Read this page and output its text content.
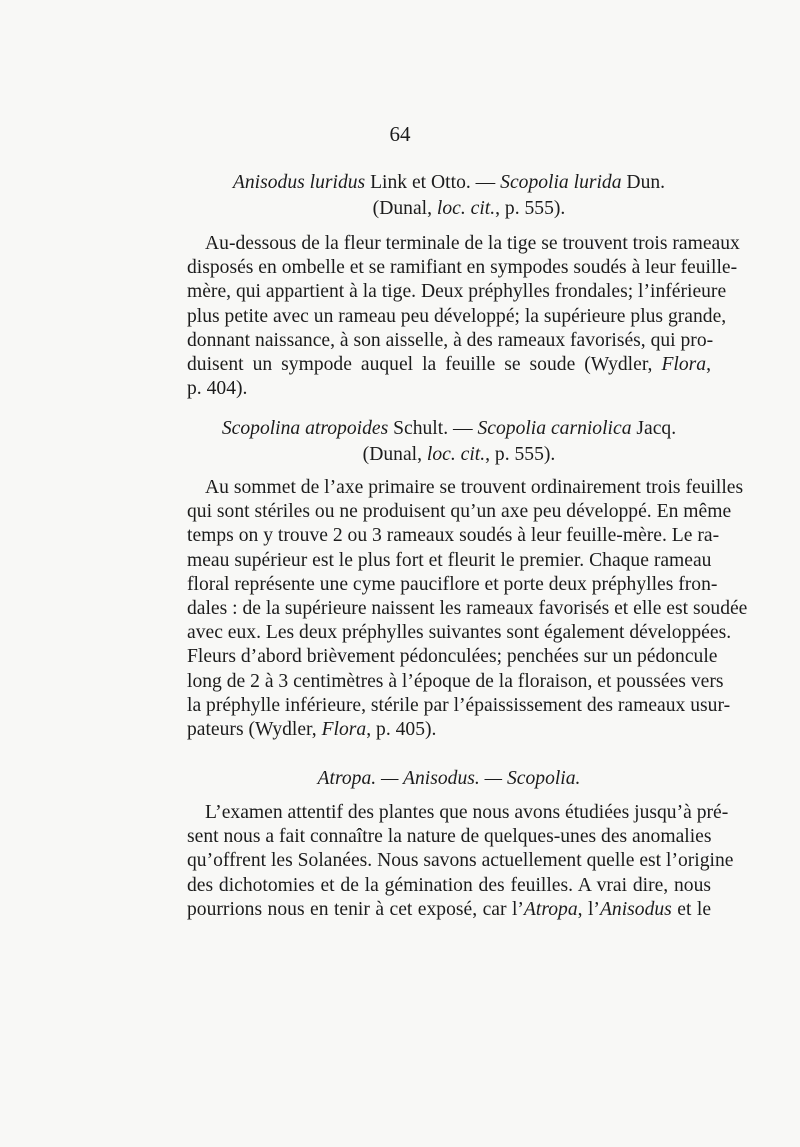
64
Anisodus luridus Link et Otto. — Scopolia lurida Dun.
(Dunal, loc. cit., p. 555).
Au-dessous de la fleur terminale de la tige se trouvent trois rameaux
disposés en ombelle et se ramifiant en sympodes soudés à leur feuille-
mère, qui appartient à la tige. Deux préphylles frondales; l’inférieure
plus petite avec un rameau peu développé; la supérieure plus grande,
donnant naissance, à son aisselle, à des rameaux favorisés, qui pro-
duisent un sympode auquel la feuille se soude (Wydler, Flora,
p. 404).
Scopolina atropoides Schult. — Scopolia carniolica Jacq.
(Dunal, loc. cit., p. 555).
Au sommet de l’axe primaire se trouvent ordinairement trois feuilles
qui sont stériles ou ne produisent qu’un axe peu développé. En même
temps on y trouve 2 ou 3 rameaux soudés à leur feuille-mère. Le ra-
meau supérieur est le plus fort et fleurit le premier. Chaque rameau
floral représente une cyme pauciflore et porte deux préphylles fron-
dales : de la supérieure naissent les rameaux favorisés et elle est soudée
avec eux. Les deux préphylles suivantes sont également développées.
Fleurs d’abord brièvement pédonculées; penchées sur un pédoncule
long de 2 à 3 centimètres à l’époque de la floraison, et poussées vers
la préphylle inférieure, stérile par l’épaississement des rameaux usur-
pateurs (Wydler, Flora, p. 405).
Atropa. — Anisodus. — Scopolia.
L’examen attentif des plantes que nous avons étudiées jusqu’à pré-
sent nous a fait connaître la nature de quelques-unes des anomalies
qu’offrent les Solanées. Nous savons actuellement quelle est l’origine
des dichotomies et de la gémination des feuilles. A vrai dire, nous
pourrions nous en tenir à cet exposé, car l’Atropa, l’Anisodus et le
